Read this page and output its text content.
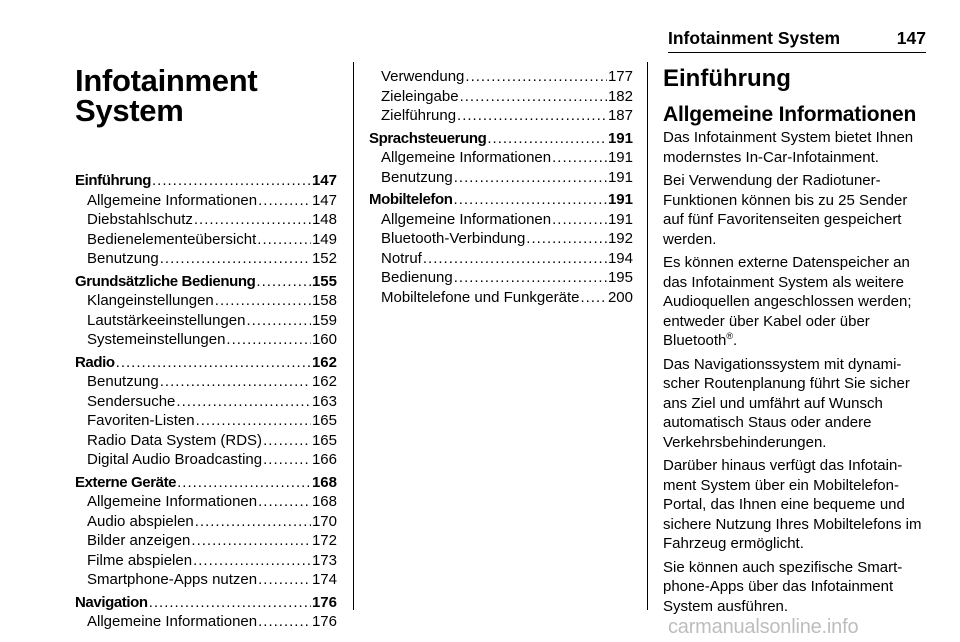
Infotainment System	147
Infotainment
System
Einführung .....	147
Allgemeine Informationen .....	147
Diebstahlschutz .....	148
Bedienelementeübersicht .....	149
Benutzung .....	152
Grundsätzliche Bedienung .....	155
Klangeinstellungen .....	158
Lautstärkeeinstellungen .....	159
Systemeinstellungen .....	160
Radio .....	162
Benutzung .....	162
Sendersuche .....	163
Favoriten-Listen .....	165
Radio Data System (RDS) .....	165
Digital Audio Broadcasting .....	166
Externe Geräte .....	168
Allgemeine Informationen .....	168
Audio abspielen .....	170
Bilder anzeigen .....	172
Filme abspielen .....	173
Smartphone-Apps nutzen .....	174
Navigation .....	176
Allgemeine Informationen .....	176
Verwendung .....	177
Zieleingabe .....	182
Zielführung .....	187
Sprachsteuerung .....	191
Allgemeine Informationen .....	191
Benutzung .....	191
Mobiltelefon .....	191
Allgemeine Informationen .....	191
Bluetooth-Verbindung .....	192
Notruf .....	194
Bedienung .....	195
Mobiltelefone und Funkgeräte ..... 200
Einführung
Allgemeine Informationen

Das Infotainment System bietet Ihnen modernstes In-Car-Infotainment.

Bei Verwendung der Radiotuner-Funktionen können bis zu 25 Sender auf fünf Favoritenseiten gespeichert werden.

Es können externe Datenspeicher an das Infotainment System als weitere Audioquellen angeschlossen werden; entweder über Kabel oder über Bluetooth®.

Das Navigationssystem mit dynami-scher Routenplanung führt Sie sicher ans Ziel und umfährt auf Wunsch automatisch Staus oder andere Verkehrsbehinderungen.

Darüber hinaus verfügt das Infotain-ment System über ein Mobiltelefon-Portal, das Ihnen eine bequeme und sichere Nutzung Ihres Mobiltelefons im Fahrzeug ermöglicht.

Sie können auch spezifische Smart-phone-Apps über das Infotainment System ausführen.

carmanualsonline.info
